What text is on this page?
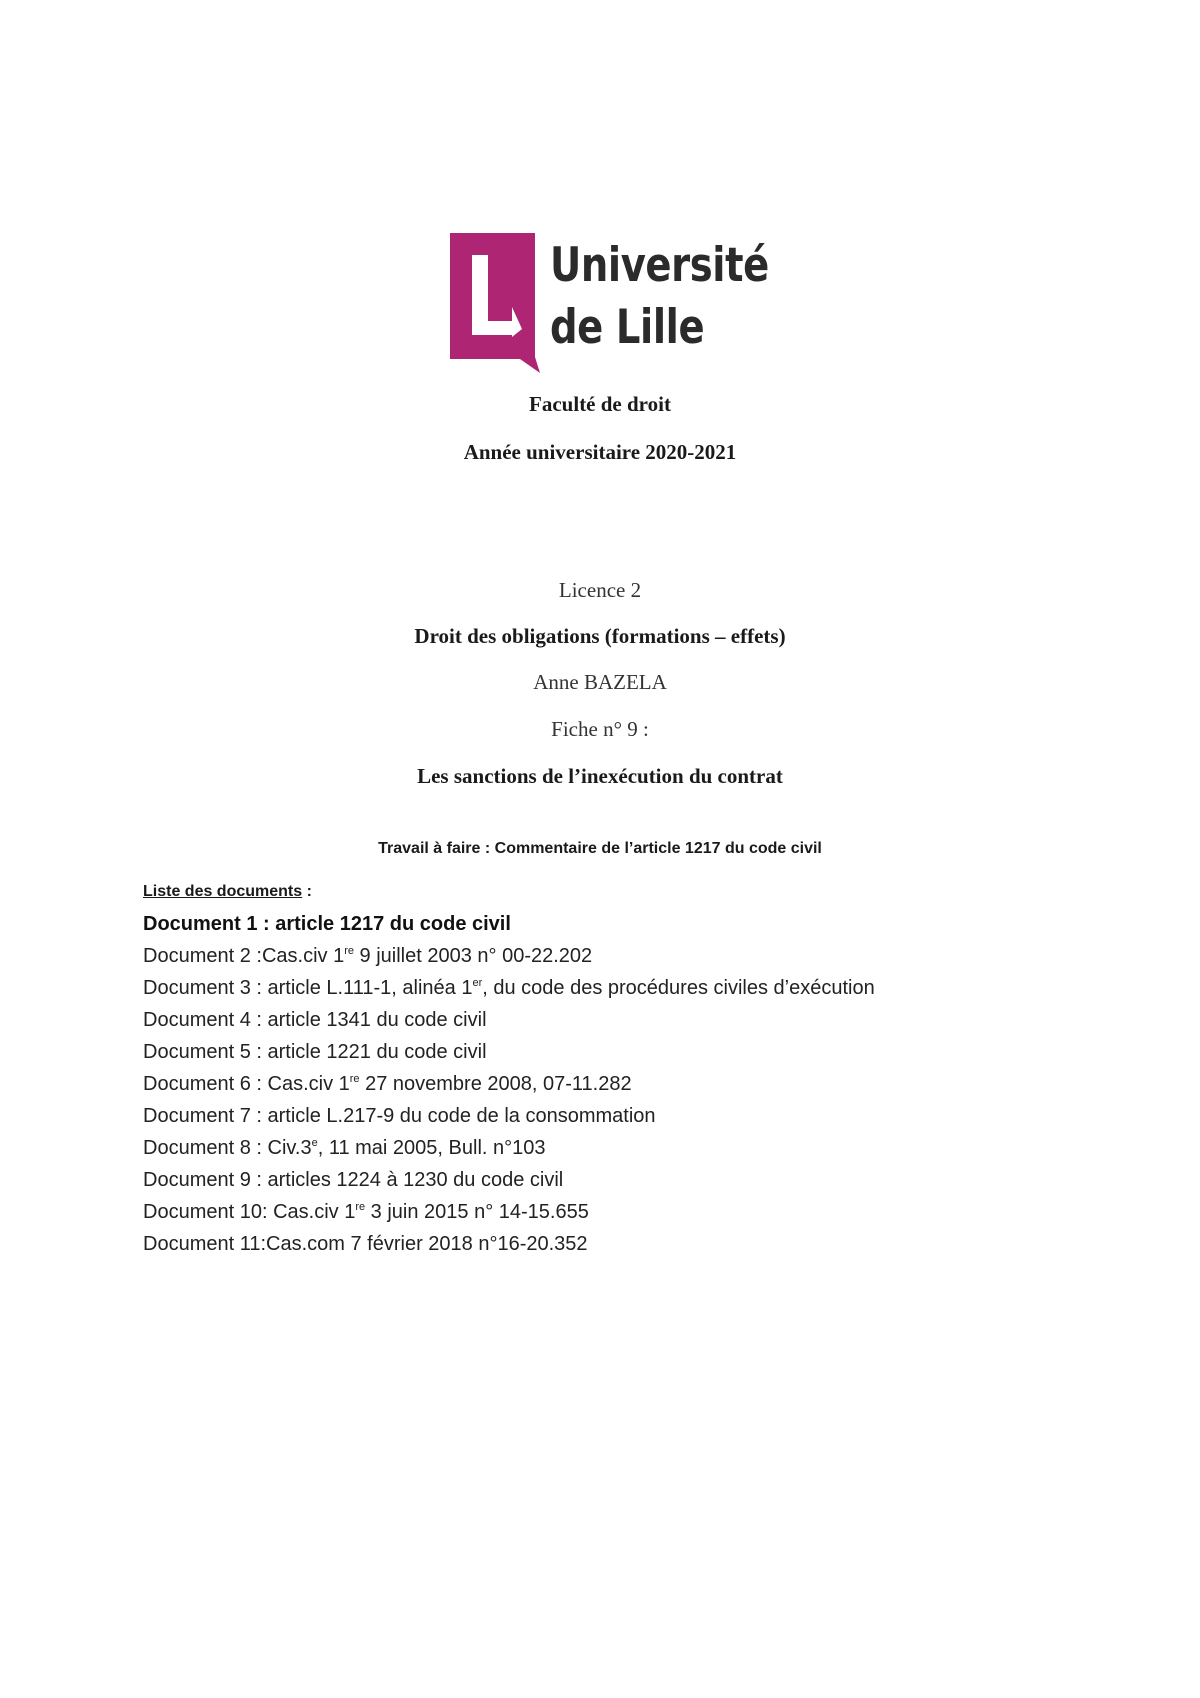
Université
de Lille
Faculté de droit
Année universitaire 2020-2021
Licence 2
Droit des obligations (formations – effets)
Anne BAZELA
Fiche n° 9 :
Les sanctions de l’inexécution du contrat
Travail à faire : Commentaire de l’article 1217 du code civil
Liste des documents :
Document 1 : article 1217 du code civil
Document 2 :Cas.civ 1re 9 juillet 2003 n° 00-22.202
Document 3 : article L.111-1, alinéa 1er, du code des procédures civiles d’exécution
Document 4 : article 1341 du code civil
Document 5 : article 1221 du code civil
Document 6 : Cas.civ 1re 27 novembre 2008, 07-11.282
Document 7 : article L.217-9 du code de la consommation
Document 8 : Civ.3e, 11 mai 2005, Bull. n°103
Document 9 : articles 1224 à 1230 du code civil
Document 10: Cas.civ 1re 3 juin 2015 n° 14-15.655
Document 11:Cas.com 7 février 2018 n°16-20.352
